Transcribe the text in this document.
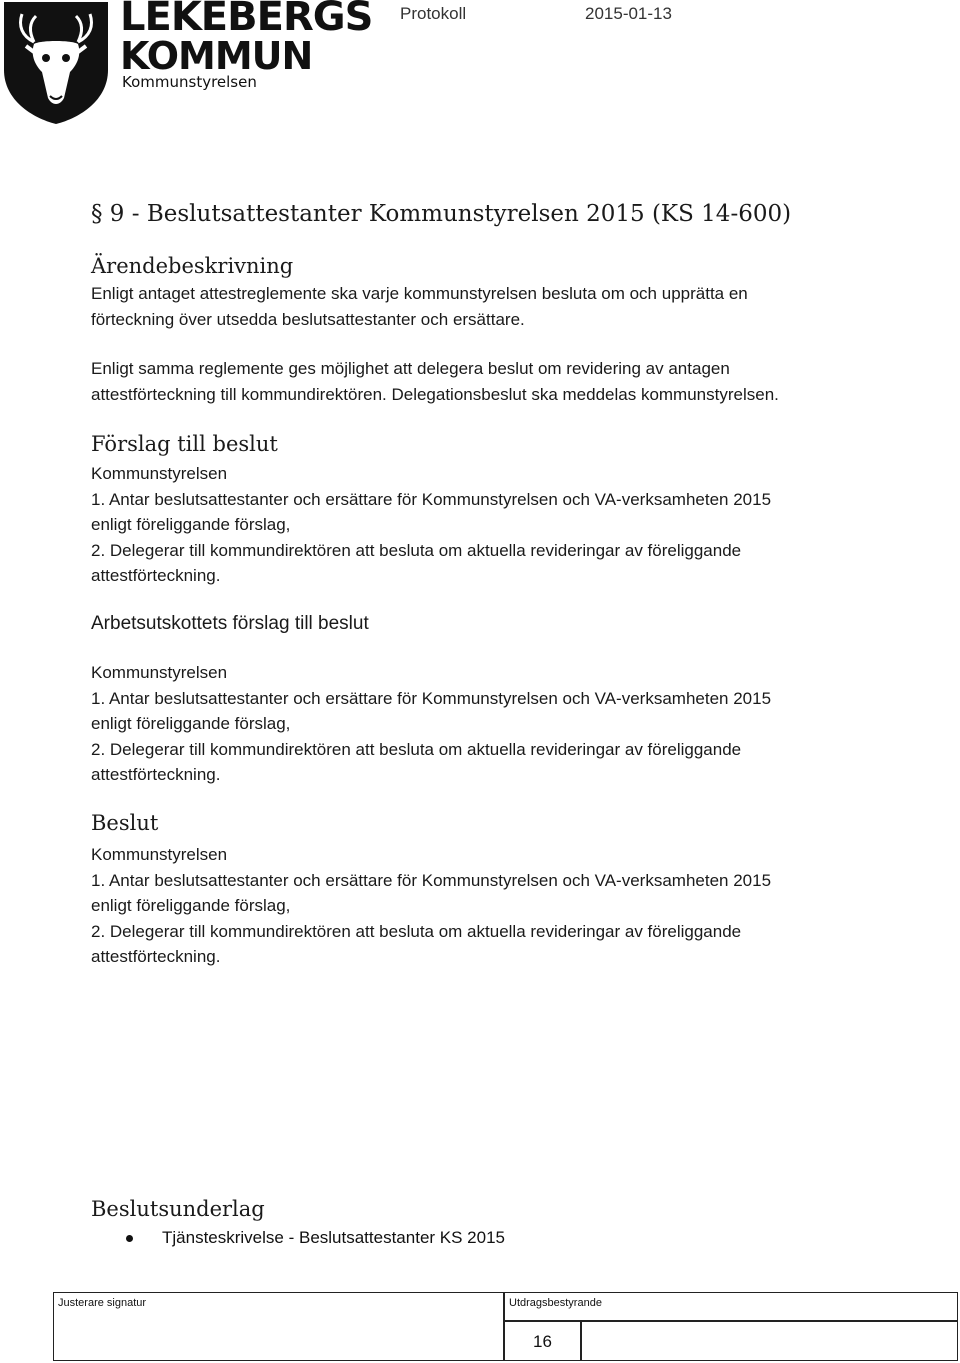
LEKEBERGS
KOMMUN
Kommunstyrelsen
Protokoll	2015-01-13
§ 9 - Beslutsattestanter Kommunstyrelsen 2015 (KS 14-600)
Ärendebeskrivning
Enligt antaget attestreglemente ska varje kommunstyrelsen besluta om och upprätta en
förteckning över utsedda beslutsattestanter och ersättare.
Enligt samma reglemente ges möjlighet att delegera beslut om revidering av antagen
attestförteckning till kommundirektören. Delegationsbeslut ska meddelas kommunstyrelsen.
Förslag till beslut
Kommunstyrelsen
1. Antar beslutsattestanter och ersättare för Kommunstyrelsen och VA-verksamheten 2015
enligt föreliggande förslag,
2. Delegerar till kommundirektören att besluta om aktuella revideringar av föreliggande
attestförteckning.
Arbetsutskottets förslag till beslut
Kommunstyrelsen
1. Antar beslutsattestanter och ersättare för Kommunstyrelsen och VA-verksamheten 2015
enligt föreliggande förslag,
2. Delegerar till kommundirektören att besluta om aktuella revideringar av föreliggande
attestförteckning.
Beslut
Kommunstyrelsen
1. Antar beslutsattestanter och ersättare för Kommunstyrelsen och VA-verksamheten 2015
enligt föreliggande förslag,
2. Delegerar till kommundirektören att besluta om aktuella revideringar av föreliggande
attestförteckning.
Beslutsunderlag
Tjänsteskrivelse - Beslutsattestanter KS 2015
Justerare signatur	Utdragsbestyrande
16
